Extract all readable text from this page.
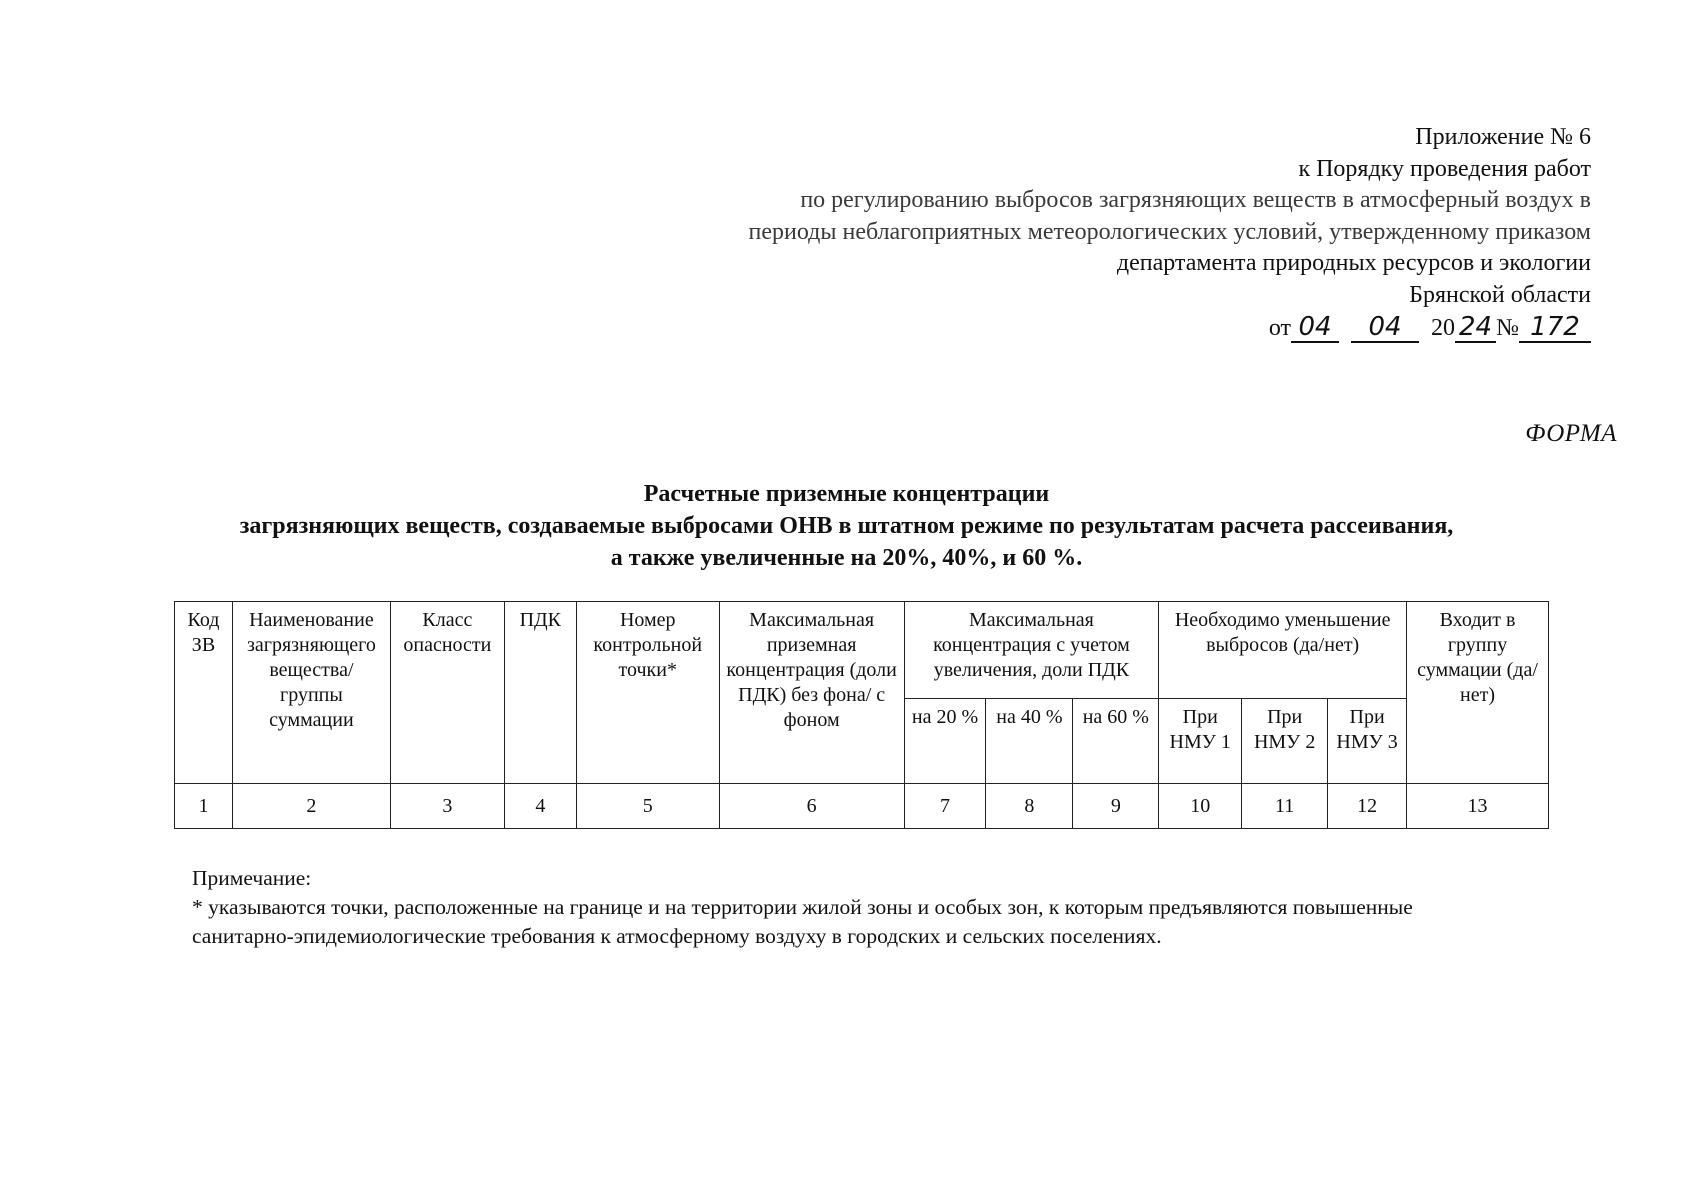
Приложение № 6
к Порядку проведения работ
по регулированию выбросов загрязняющих веществ в атмосферный воздух в
периоды неблагоприятных метеорологических условий, утвержденному приказом
департамента природных ресурсов и экологии
Брянской области
от 04 04 20 24 № 172
ФОРМА
Расчетные приземные концентрации
загрязняющих веществ, создаваемые выбросами ОНВ в штатном режиме по результатам расчета рассеивания,
а также увеличенные на 20%, 40%, и 60 %.
Код ЗВ	Наименование загрязняющего вещества/ группы суммации	Класс опасности	ПДК	Номер контрольной точки*	Максимальная приземная концентрация (доли ПДК) без фона/ с фоном	Максимальная концентрация с учетом увеличения, доли ПДК			Необходимо уменьшение выбросов (да/нет)			Входит в группу суммации (да/ нет)
						на 20 %	на 40 %	на 60 %	При НМУ 1	При НМУ 2	При НМУ 3	
1	2	3	4	5	6	7	8	9	10	11	12	13
Примечание:
* указываются точки, расположенные на границе и на территории жилой зоны и особых зон, к которым предъявляются повышенные
санитарно-эпидемиологические требования к атмосферному воздуху в городских и сельских поселениях.
